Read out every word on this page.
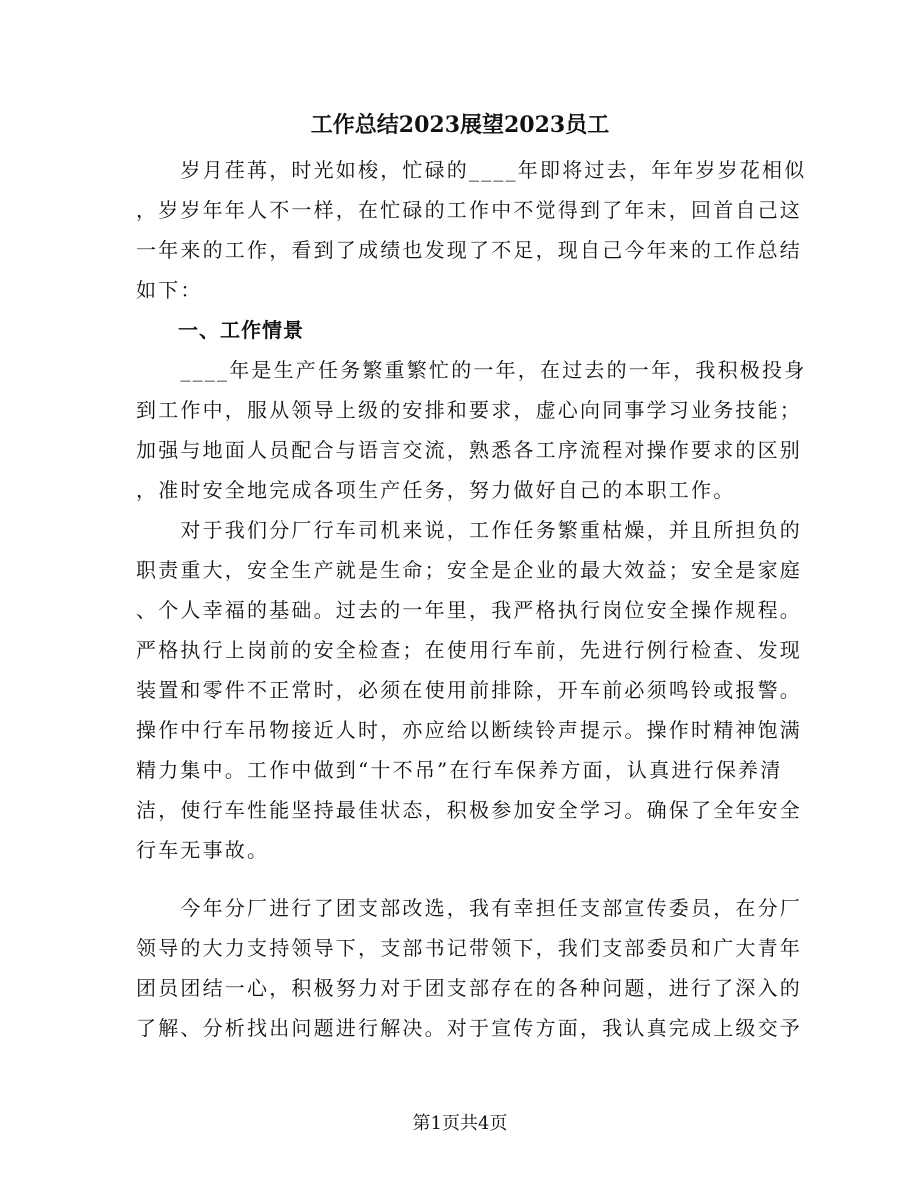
工作总结2023展望2023员工
　　岁月荏苒，时光如梭，忙碌的____年即将过去，年年岁岁花相似
，岁岁年年人不一样，在忙碌的工作中不觉得到了年末，回首自己这
一年来的工作，看到了成绩也发现了不足，现自己今年来的工作总结
如下：
　　一、工作情景
　　____年是生产任务繁重繁忙的一年，在过去的一年，我积极投身
到工作中，服从领导上级的安排和要求，虚心向同事学习业务技能；
加强与地面人员配合与语言交流，熟悉各工序流程对操作要求的区别
，准时安全地完成各项生产任务，努力做好自己的本职工作。
　　对于我们分厂行车司机来说，工作任务繁重枯燥，并且所担负的
职责重大，安全生产就是生命；安全是企业的最大效益；安全是家庭
、个人幸福的基础。过去的一年里，我严格执行岗位安全操作规程。
严格执行上岗前的安全检查；在使用行车前，先进行例行检查、发现
装置和零件不正常时，必须在使用前排除，开车前必须鸣铃或报警。
操作中行车吊物接近人时，亦应给以断续铃声提示。操作时精神饱满
精力集中。工作中做到“十不吊”在行车保养方面，认真进行保养清
洁，使行车性能坚持最佳状态，积极参加安全学习。确保了全年安全
行车无事故。
　　今年分厂进行了团支部改选，我有幸担任支部宣传委员，在分厂
领导的大力支持领导下，支部书记带领下，我们支部委员和广大青年
团员团结一心，积极努力对于团支部存在的各种问题，进行了深入的
了解、分析找出问题进行解决。对于宣传方面，我认真完成上级交予
第1页共4页
